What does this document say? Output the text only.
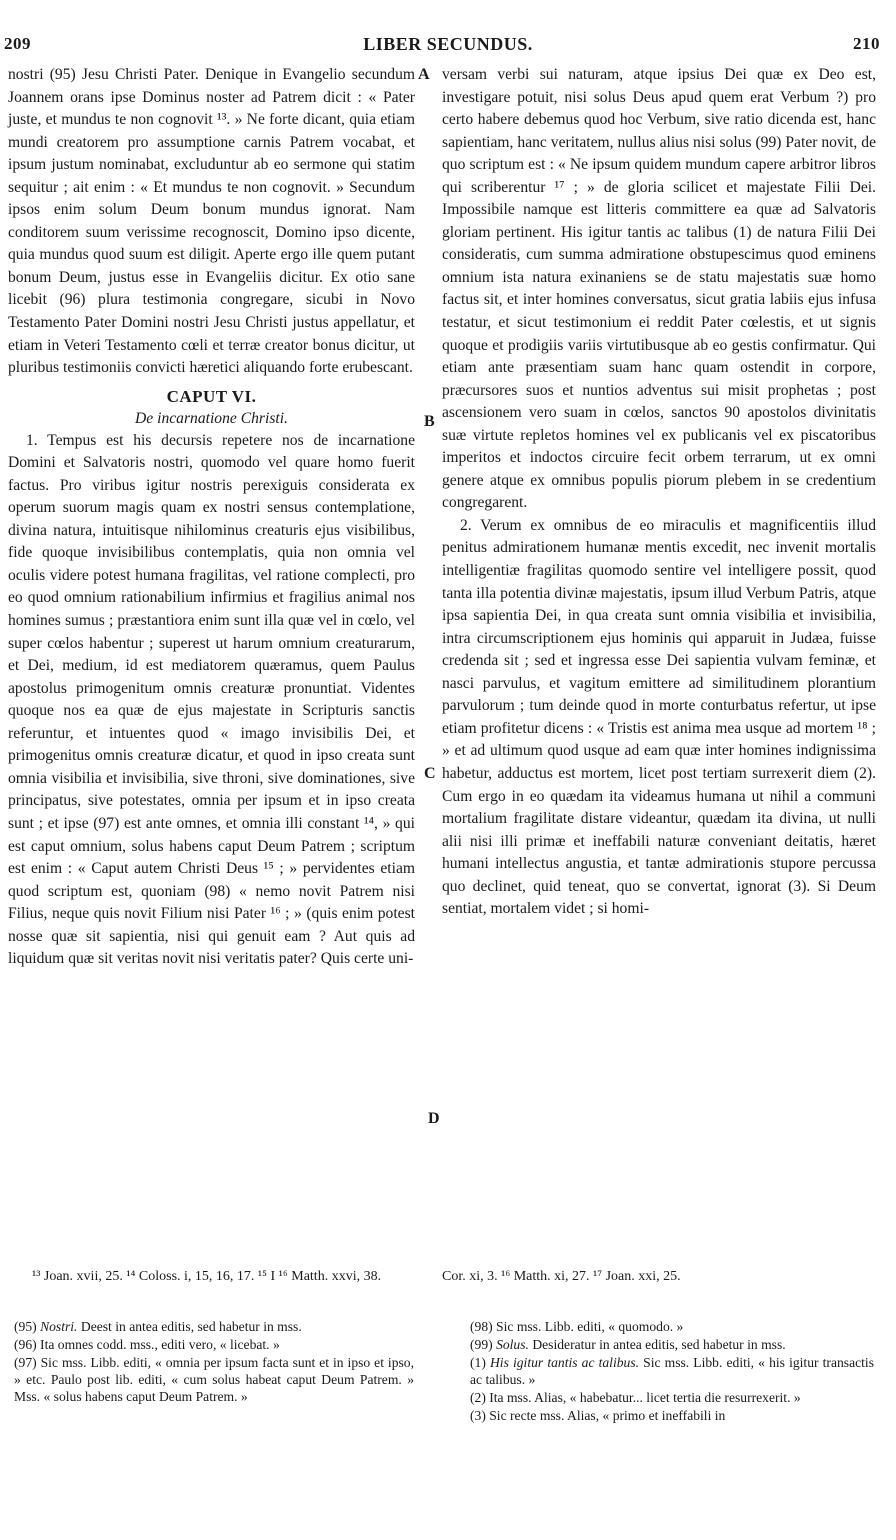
209	LIBER SECUNDUS.	210

nostri (95) Jesu Christi Pater. Denique in Evangelio secundum Joannem orans ipse Dominus noster ad Patrem dicit : « Pater juste, et mundus te non cognovit ¹³. » Ne forte dicant, quia etiam mundi creatorem pro assumptione carnis Patrem vocabat, et ipsum justum nominabat, excluduntur ab eo sermone qui statim sequitur ; ait enim : « Et mundus te non cognovit. » Secundum ipsos enim solum Deum bonum mundus ignorat. Nam conditorem suum verissime recognoscit, Domino ipso dicente, quia mundus quod suum est diligit. Aperte ergo ille quem putant bonum Deum, justus esse in Evangeliis dicitur. Ex otio sane licebit (96) plura testimonia congregare, sicubi in Novo Testamento Pater Domini nostri Jesu Christi justus appellatur, et etiam in Veteri Testamento cœli et terræ creator bonus dicitur, ut pluribus testimoniis convicti hæretici aliquando forte erubescant.

CAPUT VI.
De incarnatione Christi.

1. Tempus est his decursis repetere nos de incarnatione Domini et Salvatoris nostri, quomodo vel quare homo fuerit factus. Pro viribus igitur nostris perexiguis considerata ex operum suorum magis quam ex nostri sensus contemplatione, divina natura, intuitisque nihilominus creaturis ejus visibilibus, fide quoque invisibilibus contemplatis, quia non omnia vel oculis videre potest humana fragilitas, vel ratione complecti, pro eo quod omnium rationabilium infirmius et fragilius animal nos homines sumus ; præstantiora enim sunt illa quæ vel in cœlo, vel super cœlos habentur ; superest ut harum omnium creaturarum, et Dei, medium, id est mediatorem quæramus, quem Paulus apostolus primogenitum omnis creaturæ pronuntiat. Videntes quoque nos ea quæ de ejus majestate in Scripturis sanctis referuntur, et intuentes quod « imago invisibilis Dei, et primogenitus omnis creaturæ dicatur, et quod in ipso creata sunt omnia visibilia et invisibilia, sive throni, sive dominationes, sive principatus, sive potestates, omnia per ipsum et in ipso creata sunt ; et ipse (97) est ante omnes, et omnia illi constant ¹⁴, » qui est caput omnium, solus habens caput Deum Patrem ; scriptum est enim : « Caput autem Christi Deus ¹⁵ ; » pervidentes etiam quod scriptum est, quoniam (98) « nemo novit Patrem nisi Filius, neque quis novit Filium nisi Pater ¹⁶ ; » (quis enim potest nosse quæ sit sapientia, nisi qui genuit eam ? Aut quis ad liquidum quæ sit veritas novit nisi veritatis pater? Quis certe uni-

A
B
C
D

versam verbi sui naturam, atque ipsius Dei quæ ex Deo est, investigare potuit, nisi solus Deus apud quem erat Verbum ?) pro certo habere debemus quod hoc Verbum, sive ratio dicenda est, hanc sapientiam, hanc veritatem, nullus alius nisi solus (99) Pater novit, de quo scriptum est : « Ne ipsum quidem mundum capere arbitror libros qui scriberentur ¹⁷ ; » de gloria scilicet et majestate Filii Dei. Impossibile namque est litteris committere ea quæ ad Salvatoris gloriam pertinent. His igitur tantis ac talibus (1) de natura Filii Dei consideratis, cum summa admiratione obstupescimus quod eminens omnium ista natura exinaniens se de statu majestatis suæ homo factus sit, et inter homines conversatus, sicut gratia labiis ejus infusa testatur, et sicut testimonium ei reddit Pater cœlestis, et ut signis quoque et prodigiis variis virtutibusque ab eo gestis confirmatur. Qui etiam ante præsentiam suam hanc quam ostendit in corpore, præcursores suos et nuntios adventus sui misit prophetas ; post ascensionem vero suam in cœlos, sanctos 90 apostolos divinitatis suæ virtute repletos homines vel ex publicanis vel ex piscatoribus imperitos et indoctos circuire fecit orbem terrarum, ut ex omni genere atque ex omnibus populis piorum plebem in se credentium congregarent.

2. Verum ex omnibus de eo miraculis et magnificentiis illud penitus admirationem humanæ mentis excedit, nec invenit mortalis intelligentiæ fragilitas quomodo sentire vel intelligere possit, quod tanta illa potentia divinæ majestatis, ipsum illud Verbum Patris, atque ipsa sapientia Dei, in qua creata sunt omnia visibilia et invisibilia, intra circumscriptionem ejus hominis qui apparuit in Judæa, fuisse credenda sit ; sed et ingressa esse Dei sapientia vulvam feminæ, et nasci parvulus, et vagitum emittere ad similitudinem plorantium parvulorum ; tum deinde quod in morte conturbatus refertur, ut ipse etiam profitetur dicens : « Tristis est anima mea usque ad mortem ¹⁸ ; » et ad ultimum quod usque ad eam quæ inter homines indignissima habetur, adductus est mortem, licet post tertiam surrexerit diem (2). Cum ergo in eo quædam ita videamus humana ut nihil a communi mortalium fragilitate distare videantur, quædam ita divina, ut nulli alii nisi illi primæ et ineffabili naturæ conveniant deitatis, hæret humani intellectus angustia, et tantæ admirationis stupore percussa quo declinet, quid teneat, quo se convertat, ignorat (3). Si Deum sentiat, mortalem videt ; si homi-

¹³ Joan. xvii, 25. ¹⁴ Coloss. i, 15, 16, 17. ¹⁵ I ¹⁶ Matth. xxvi, 38.	Cor. xi, 3. ¹⁶ Matth. xi, 27. ¹⁷ Joan. xxi, 25.

(95) Nostri. Deest in antea editis, sed habetur in mss.

(96) Ita omnes codd. mss., editi vero, « licebat. »

(97) Sic mss. Libb. editi, « omnia per ipsum facta sunt et in ipso et ipso, » etc. Paulo post lib. editi, « cum solus habeat caput Deum Patrem. » Mss. « solus habens caput Deum Patrem. »

(98) Sic mss. Libb. editi, « quomodo. »

(99) Solus. Desideratur in antea editis, sed habetur in mss.

(1) His igitur tantis ac talibus. Sic mss. Libb. editi, « his igitur transactis ac talibus. »

(2) Ita mss. Alias, « habebatur... licet tertia die resurrexerit. »

(3) Sic recte mss. Alias, « primo et ineffabili in
